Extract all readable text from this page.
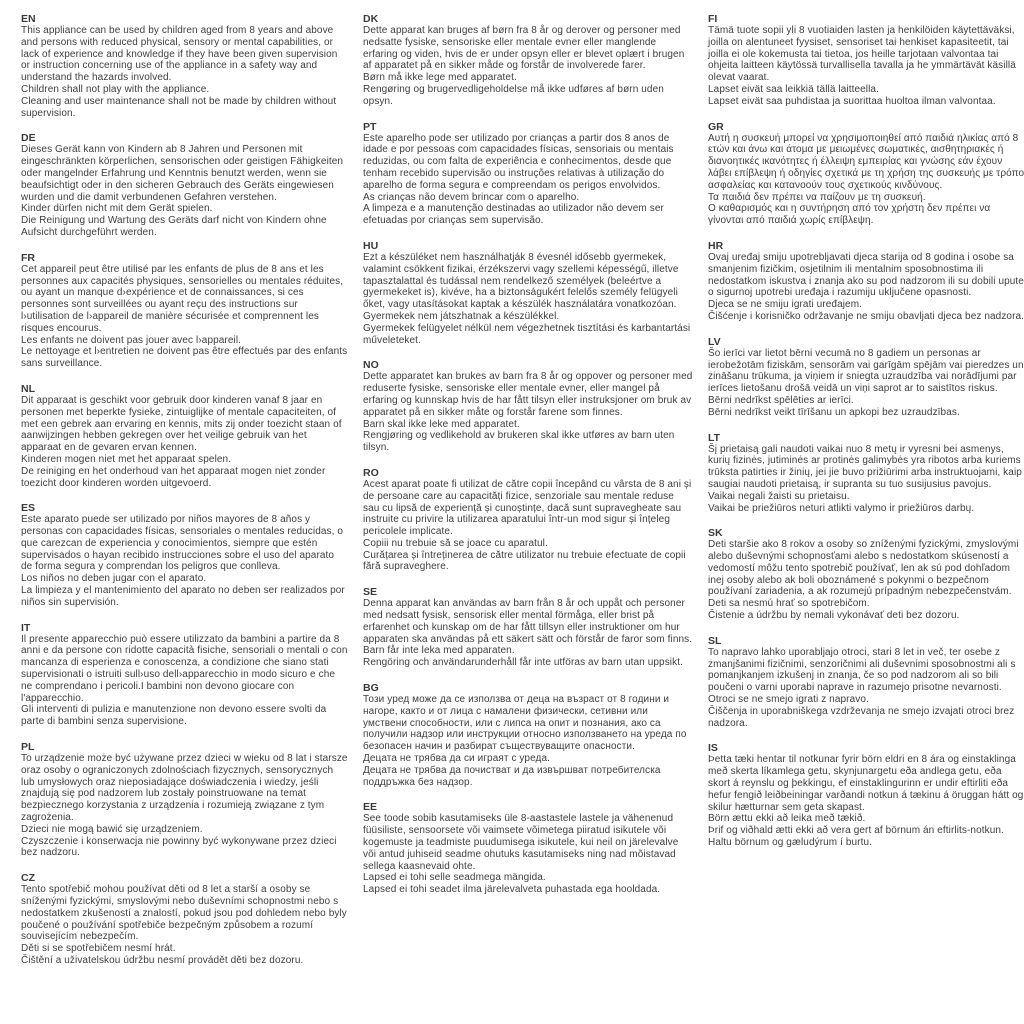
EN

This appliance can be used by children aged from 8 years and above and persons with reduced physical, sensory or mental capabilities, or lack of experience and knowledge if they have been given supervision or instruction concerning use of the appliance in a safety way and understand the hazards involved.

Children shall not play with the appliance.

Cleaning and user maintenance shall not be made by children without supervision.

DE

Dieses Gerät kann von Kindern ab 8 Jahren und Personen mit eingeschränkten körperlichen, sensorischen oder geistigen Fähigkeiten oder mangelnder Erfahrung und Kenntnis benutzt werden, wenn sie beaufsichtigt oder in den sicheren Gebrauch des Geräts eingewiesen wurden und die damit verbundenen Gefahren verstehen.

Kinder dürfen nicht mit dem Gerät spielen.

Die Reinigung und Wartung des Geräts darf nicht von Kindern ohne Aufsicht durchgeführt werden.

FR

Cet appareil peut être utilisé par les enfants de plus de 8 ans et les personnes aux capacités physiques, sensorielles ou mentales réduites, ou ayant un manque d›expérience et de connaissances, si ces personnes sont surveillées ou ayant reçu des instructions sur l›utilisation de l›appareil de manière sécurisée et comprennent les risques encourus.

Les enfants ne doivent pas jouer avec l›appareil.

Le nettoyage et l›entretien ne doivent pas être effectués par des enfants sans surveillance.

NL

Dit apparaat is geschikt voor gebruik door kinderen vanaf 8 jaar en personen met beperkte fysieke, zintuiglijke of mentale capaciteiten, of met een gebrek aan ervaring en kennis, mits zij onder toezicht staan of aanwijzingen hebben gekregen over het veilige gebruik van het apparaat en de gevaren ervan kennen.

Kinderen mogen niet met het apparaat spelen.

De reiniging en het onderhoud van het apparaat mogen niet zonder toezicht door kinderen worden uitgevoerd.

ES

Este aparato puede ser utilizado por niños mayores de 8 años y personas con capacidades físicas, sensoriales o mentales reducidas, o que carezcan de experiencia y conocimientos, siempre que estén supervisados o hayan recibido instrucciones sobre el uso del aparato de forma segura y comprendan los peligros que conlleva.

Los niños no deben jugar con el aparato.

La limpieza y el mantenimiento del aparato no deben ser realizados por niños sin supervisión.

IT

Il presente apparecchio può essere utilizzato da bambini a partire da 8 anni e da persone con ridotte capacità fisiche, sensoriali o mentali o con mancanza di esperienza e conoscenza, a condizione che siano stati supervisionati o istruiti sull›uso dell›apparecchio in modo sicuro e che ne comprendano i pericoli.I bambini non devono giocare con l'apparecchio.

Gli interventi di pulizia e manutenzione non devono essere svolti da parte di bambini senza supervisione.

PL

To urządzenie może być używane przez dzieci w wieku od 8 lat i starsze oraz osoby o ograniczonych zdolnościach fizycznych, sensorycznych lub umysłowych oraz nieposiadające doświadczenia i wiedzy, jeśli znajdują się pod nadzorem lub zostały poinstruowane na temat bezpiecznego korzystania z urządzenia i rozumieją związane z tym zagrożenia.

Dzieci nie mogą bawić się urządzeniem.

Czyszczenie i konserwacja nie powinny być wykonywane przez dzieci bez nadzoru.

CZ

Tento spotřebič mohou používat děti od 8 let a starší a osoby se sníženými fyzickými, smyslovými nebo duševními schopnostmi nebo s nedostatkem zkušeností a znalostí, pokud jsou pod dohledem nebo byly poučené o používání spotřebiče bezpečným způsobem a rozumí souvisejícím nebezpečím.

Děti si se spotřebičem nesmí hrát.

Čištění a uživatelskou údržbu nesmí provádět děti bez dozoru.

DK

Dette apparat kan bruges af børn fra 8 år og derover og personer med nedsatte fysiske, sensoriske eller mentale evner eller manglende erfaring og viden, hvis de er under opsyn eller er blevet oplært i brugen af apparatet på en sikker måde og forstår de involverede farer.

Børn må ikke lege med apparatet.

Rengøring og brugervedligeholdelse må ikke udføres af børn uden opsyn.

PT

Este aparelho pode ser utilizado por crianças a partir dos 8 anos de idade e por pessoas com capacidades físicas, sensoriais ou mentais reduzidas, ou com falta de experiência e conhecimentos, desde que tenham recebido supervisão ou instruções relativas à utilização do aparelho de forma segura e compreendam os perigos envolvidos.

As crianças não devem brincar com o aparelho.

A limpeza e a manutenção destinadas ao utilizador não devem ser efetuadas por crianças sem supervisão.

HU

Ezt a készüléket nem használhatják 8 évesnél idősebb gyermekek, valamint csökkent fizikai, érzékszervi vagy szellemi képességű, illetve tapasztalattal és tudással nem rendelkező személyek (beleértve a gyermekeket is), kivéve, ha a biztonságukért felelős személy felügyeli őket, vagy utasításokat kaptak a készülék használatára vonatkozóan.

Gyermekek nem játszhatnak a készülékkel.

Gyermekek felügyelet nélkül nem végezhetnek tisztítási és karbantartási műveleteket.

NO

Dette apparatet kan brukes av barn fra 8 år og oppover og personer med reduserte fysiske, sensoriske eller mentale evner, eller mangel på erfaring og kunnskap hvis de har fått tilsyn eller instruksjoner om bruk av apparatet på en sikker måte og forstår farene som finnes.

Barn skal ikke leke med apparatet.

Rengjøring og vedlikehold av brukeren skal ikke utføres av barn uten tilsyn.

RO

Acest aparat poate fi utilizat de către copii începând cu vârsta de 8 ani și de persoane care au capacități fizice, senzoriale sau mentale reduse sau cu lipsă de experiență și cunoștințe, dacă sunt supravegheate sau instruite cu privire la utilizarea aparatului într-un mod sigur și înțeleg pericolele implicate.

Copiii nu trebuie să se joace cu aparatul.

Curățarea și întreținerea de către utilizator nu trebuie efectuate de copii fără supraveghere.

SE

Denna apparat kan användas av barn från 8 år och uppåt och personer med nedsatt fysisk, sensorisk eller mental förmåga, eller brist på erfarenhet och kunskap om de har fått tillsyn eller instruktioner om hur apparaten ska användas på ett säkert sätt och förstår de faror som finns.

Barn får inte leka med apparaten.

Rengöring och användarunderhåll får inte utföras av barn utan uppsikt.

BG

Този уред може да се използва от деца на възраст от 8 години и нагоре, както и от лица с намалени физически, сетивни или умствени способности, или с липса на опит и познания, ако са получили надзор или инструкции относно използването на уреда по безопасен начин и разбират съществуващите опасности.

Децата не трябва да си играят с уреда.

Децата не трябва да почистват и да извършват потребителска поддръжка без надзор.

EE

See toode sobib kasutamiseks üle 8-aastastele lastele ja vähenenud füüsiliste, sensoorsete või vaimsete võimetega piiratud isikutele või kogemuste ja teadmiste puudumisega isikutele, kui neil on järelevalve või antud juhiseid seadme ohutuks kasutamiseks ning nad mõistavad sellega kaasnevaid ohte.

Lapsed ei tohi selle seadmega mängida.

Lapsed ei tohi seadet ilma järelevalveta puhastada ega hooldada.

FI

Tämä tuote sopii yli 8 vuotiaiden lasten ja henkilöiden käytettäväksi, joilla on alentuneet fyysiset, sensoriset tai henkiset kapasiteetit, tai joilla ei ole kokemusta tai tietoa, jos heille tarjotaan valvontaa tai ohjeita laitteen käytössä turvallisella tavalla ja he ymmärtävät käsillä olevat vaarat.

Lapset eivät saa leikkiä tällä laitteella.

Lapset eivät saa puhdistaa ja suorittaa huoltoa ilman valvontaa.

GR

Αυτή η συσκευή μπορεί να χρησιμοποιηθεί από παιδιά ηλικίας από 8 ετών και άνω και άτομα με μειωμένες σωματικές, αισθητηριακές ή διανοητικές ικανότητες ή έλλειψη εμπειρίας και γνώσης εάν έχουν λάβει επίβλεψη ή οδηγίες σχετικά με τη χρήση της συσκευής με τρόπο ασφαλείας και κατανοούν τους σχετικούς κινδύνους.

Τα παιδιά δεν πρέπει να παίζουν με τη συσκευή.

Ο καθαρισμός και η συντήρηση από τον χρήστη δεν πρέπει να γίνονται από παιδιά χωρίς επίβλεψη.

HR

Ovaj uređaj smiju upotrebljavati djeca starija od 8 godina i osobe sa smanjenim fizičkim, osjetilnim ili mentalnim sposobnostima ili nedostatkom iskustva i znanja ako su pod nadzorom ili su dobili upute o sigurnoj upotrebi uređaja i razumiju uključene opasnosti.

Djeca se ne smiju igrati uređajem.

Čišćenje i korisničko održavanje ne smiju obavljati djeca bez nadzora.

LV

Šo ierīci var lietot bērni vecumā no 8 gadiem un personas ar ierobežotām fiziskām, sensorām vai garīgām spējām vai pieredzes un zināšanu trūkuma, ja viņiem ir sniegta uzraudzība vai norādījumi par ierīces lietošanu drošā veidā un viņi saprot ar to saistītos riskus.

Bērni nedrīkst spēlēties ar ierīci.

Bērni nedrīkst veikt tīrīšanu un apkopi bez uzraudzības.

LT

Šį prietaisą gali naudoti vaikai nuo 8 metų ir vyresni bei asmenys, kurių fizinės, jutiminės ar protinės galimybės yra ribotos arba kuriems trūksta patirties ir žinių, jei jie buvo prižiūrimi arba instruktuojami, kaip saugiai naudoti prietaisą, ir supranta su tuo susijusius pavojus.

Vaikai negali žaisti su prietaisu.

Vaikai be priežiūros neturi atlikti valymo ir priežiūros darbų.

SK

Deti staršie ako 8 rokov a osoby so zníženými fyzickými, zmyslovými alebo duševnými schopnosťami alebo s nedostatkom skúseností a vedomostí môžu tento spotrebič používať, len ak sú pod dohľadom inej osoby alebo ak boli oboznámené s pokynmi o bezpečnom používaní zariadenia, a ak rozumejú prípadným nebezpečenstvám.

Deti sa nesmú hrať so spotrebičom.

Čistenie a údržbu by nemali vykonávať deti bez dozoru.

SL

To napravo lahko uporabljajo otroci, stari 8 let in več, ter osebe z zmanjšanimi fizičnimi, senzoričnimi ali duševnimi sposobnostmi ali s pomanjkanjem izkušenj in znanja, če so pod nadzorom ali so bili poučeni o varni uporabi naprave in razumejo prisotne nevarnosti.

Otroci se ne smejo igrati z napravo.

Čiščenja in uporabniškega vzdrževanja ne smejo izvajati otroci brez nadzora.

IS

Þetta tæki hentar til notkunar fyrir börn eldri en 8 ára og einstaklinga með skerta líkamlega getu, skynjunargetu eða andlega getu, eða skort á reynslu og þekkingu, ef einstaklingurinn er undir eftirliti eða hefur fengið leiðbeiningar varðandi notkun á tækinu á öruggan hátt og skilur hætturnar sem geta skapast.

Börn ættu ekki að leika með tækið.

Þrif og viðhald ætti ekki að vera gert af börnum án eftirlits-notkun.

Haltu börnum og gæludýrum í burtu.
